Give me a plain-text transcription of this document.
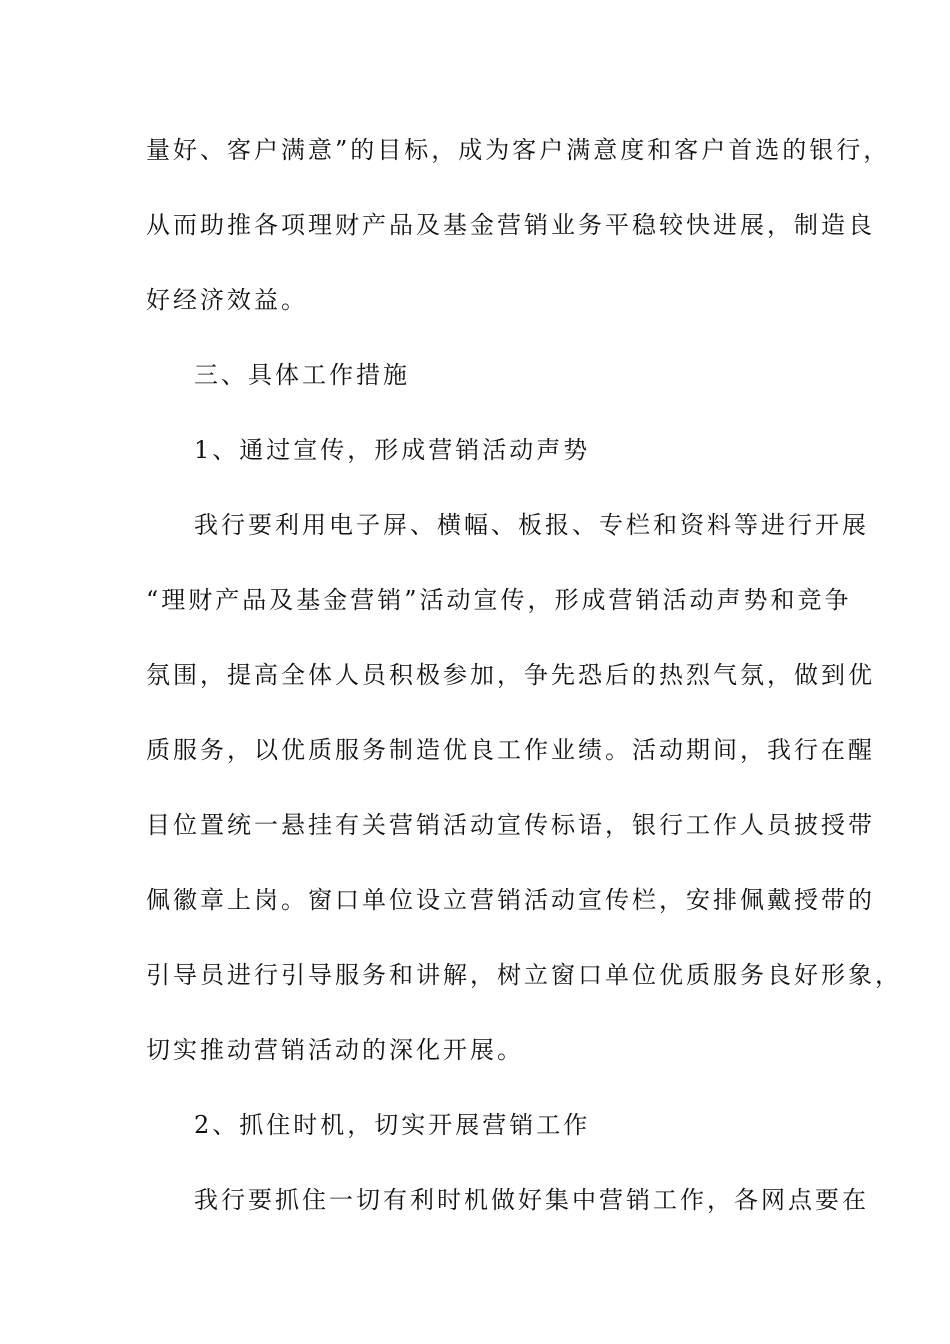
量好、客户满意”的目标，成为客户满意度和客户首选的银行，
从而助推各项理财产品及基金营销业务平稳较快进展，制造良
好经济效益。
三、具体工作措施
1、通过宣传，形成营销活动声势
我行要利用电子屏、横幅、板报、专栏和资料等进行开展
“理财产品及基金营销”活动宣传，形成营销活动声势和竞争
氛围，提高全体人员积极参加，争先恐后的热烈气氛，做到优
质服务，以优质服务制造优良工作业绩。活动期间，我行在醒
目位置统一悬挂有关营销活动宣传标语，银行工作人员披授带
佩徽章上岗。窗口单位设立营销活动宣传栏，安排佩戴授带的
引导员进行引导服务和讲解，树立窗口单位优质服务良好形象，
切实推动营销活动的深化开展。
2、抓住时机，切实开展营销工作
我行要抓住一切有利时机做好集中营销工作，各网点要在
